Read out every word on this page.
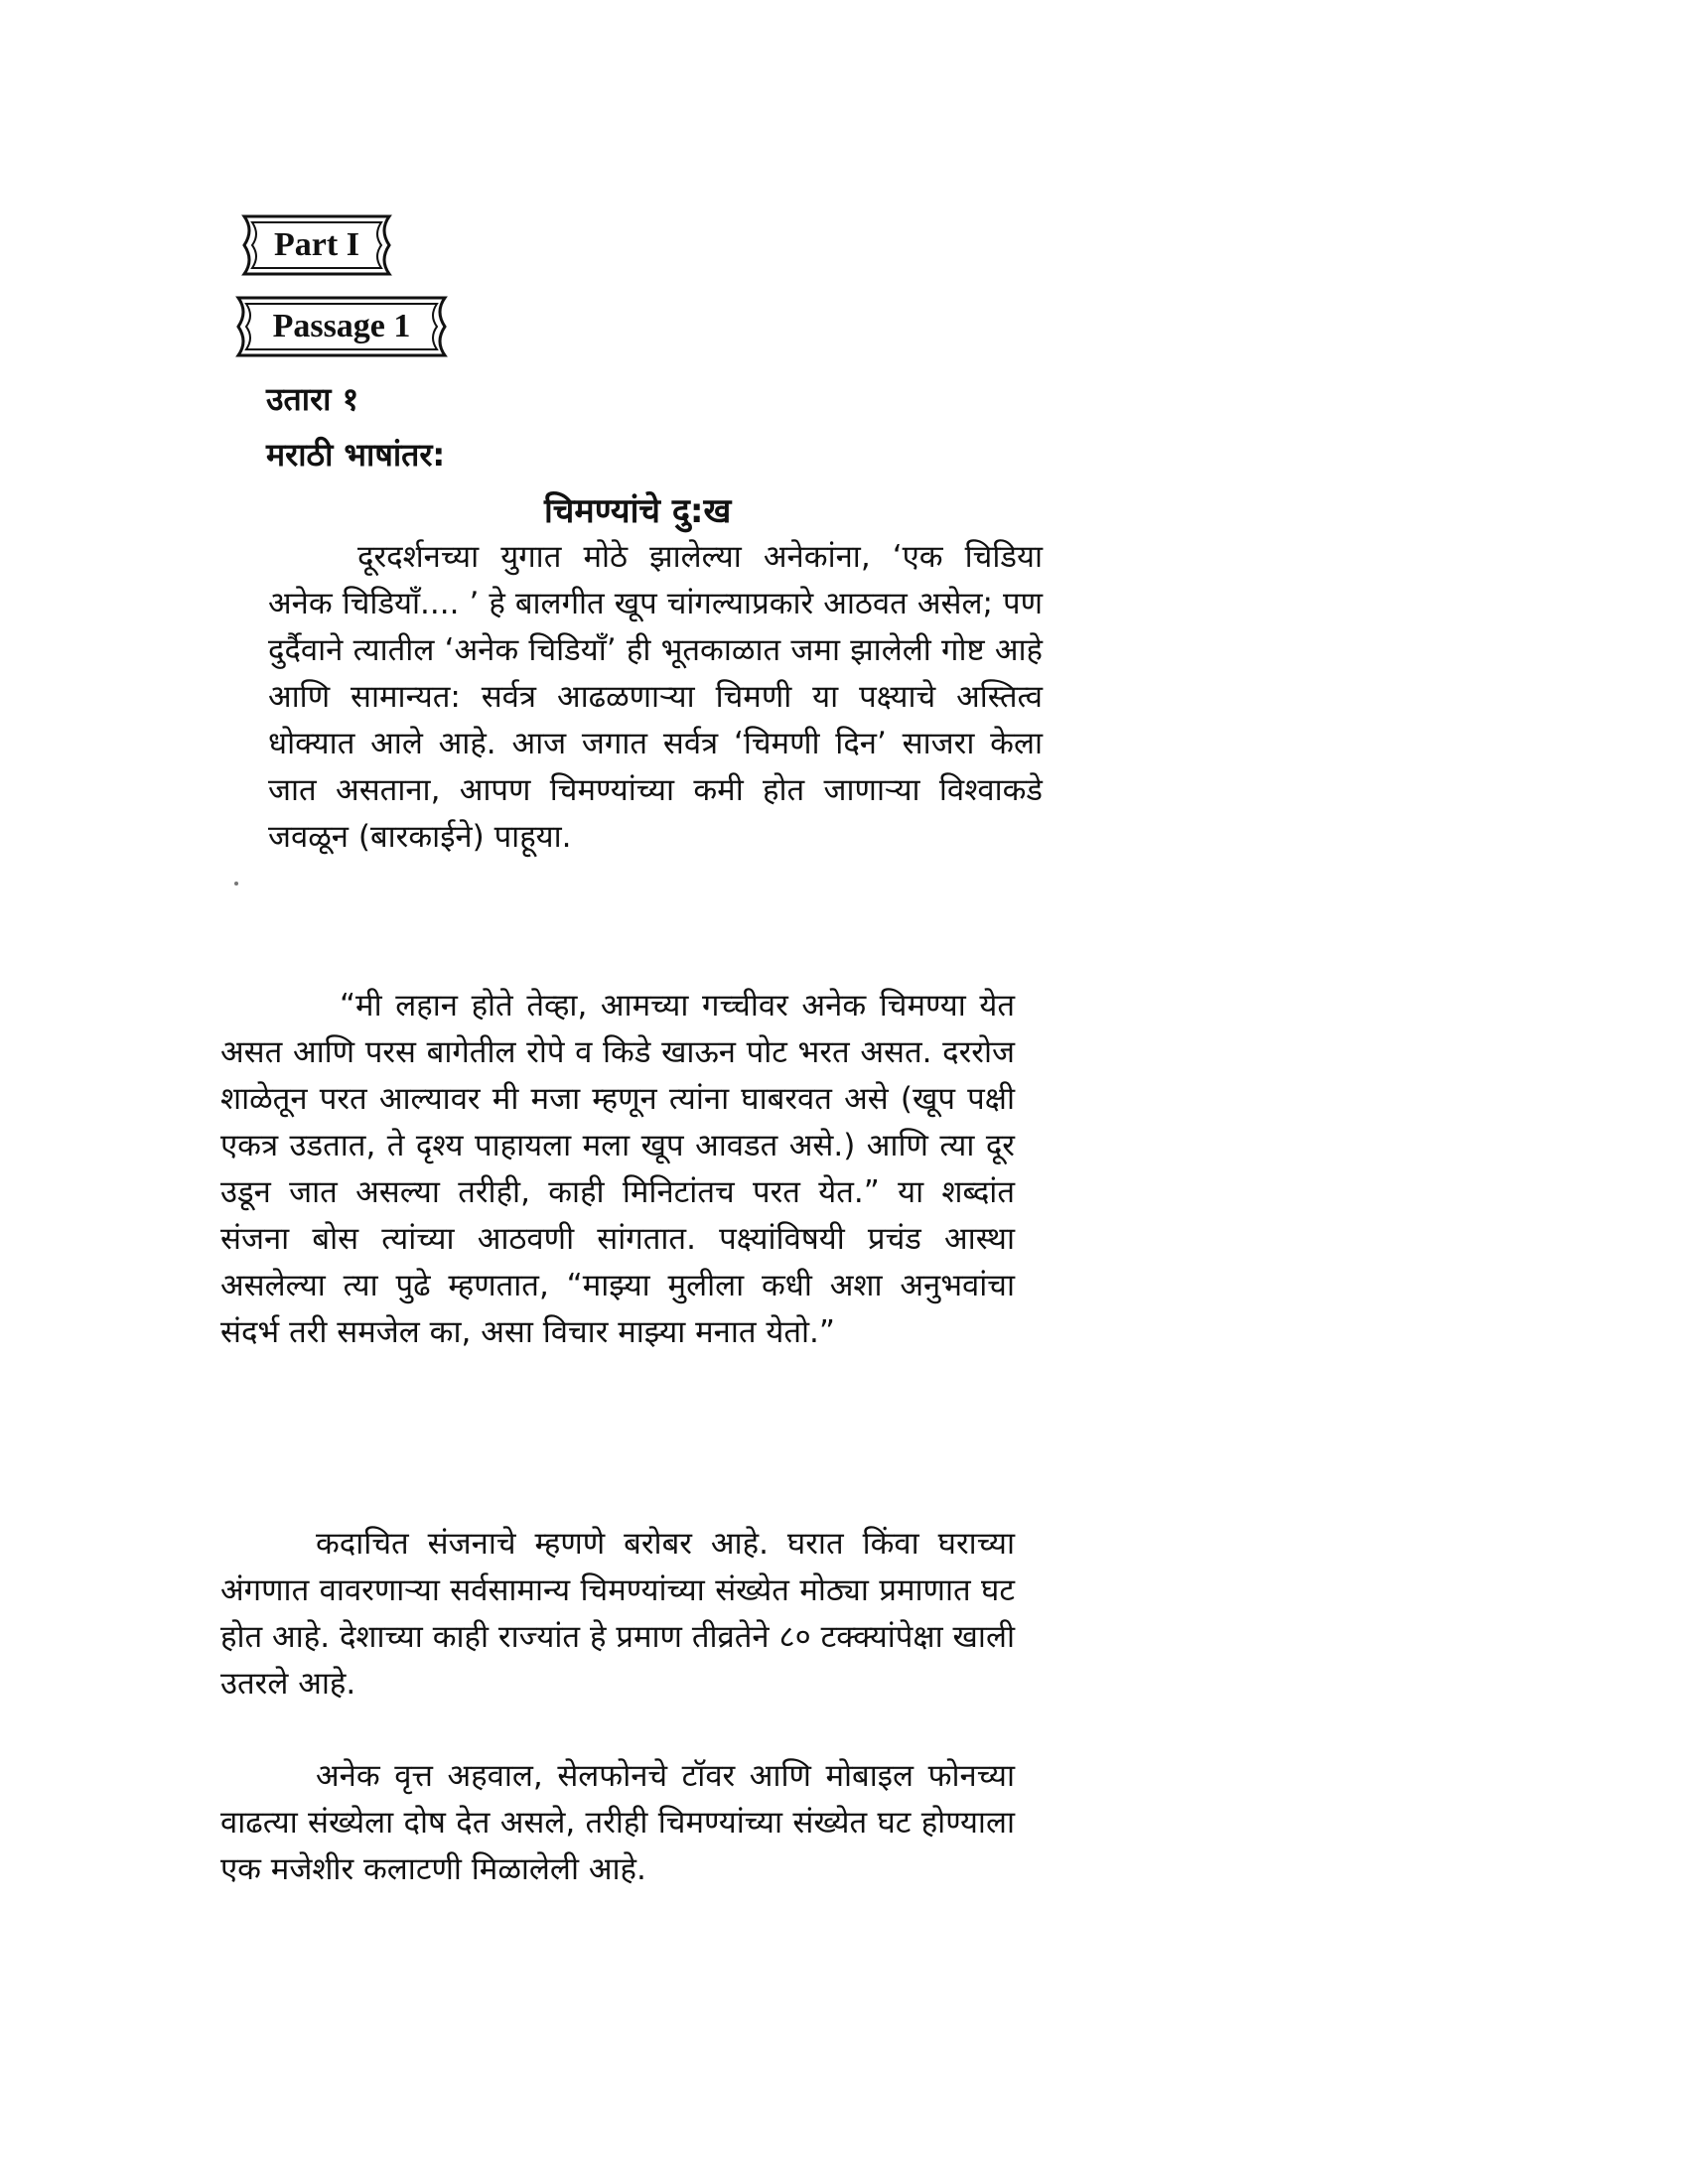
Part I
Passage 1
उतारा १
मराठी भाषांतर:
चिमण्यांचे दु:ख
दूरदर्शनच्या युगात मोठे झालेल्या अनेकांना, ‘एक चिडिया अनेक चिडियाँ.... ’ हे बालगीत खूप चांगल्याप्रकारे आठवत असेल; पण दुर्दैवाने त्यातील ‘अनेक चिडियाँ’ ही भूतकाळात जमा झालेली गोष्ट आहे आणि सामान्यत: सर्वत्र आढळणाऱ्या चिमणी या पक्ष्याचे अस्तित्व धोक्यात आले आहे. आज जगात सर्वत्र ‘चिमणी दिन’ साजरा केला जात असताना, आपण चिमण्यांच्या कमी होत जाणाऱ्या विश्वाकडे जवळून (बारकाईने) पाहूया.
“मी लहान होते तेव्हा, आमच्या गच्चीवर अनेक चिमण्या येत असत आणि परस बागेतील रोपे व किडे खाऊन पोट भरत असत. दररोज शाळेतून परत आल्यावर मी मजा म्हणून त्यांना घाबरवत असे (खूप पक्षी एकत्र उडतात, ते दृश्य पाहायला मला खूप आवडत असे.) आणि त्या दूर उडून जात असल्या तरीही, काही मिनिटांतच परत येत.” या शब्दांत संजना बोस त्यांच्या आठवणी सांगतात. पक्ष्यांविषयी प्रचंड आस्था असलेल्या त्या पुढे म्हणतात, “माझ्या मुलीला कधी अशा अनुभवांचा संदर्भ तरी समजेल का, असा विचार माझ्या मनात येतो.”
कदाचित संजनाचे म्हणणे बरोबर आहे. घरात किंवा घराच्या अंगणात वावरणाऱ्या सर्वसामान्य चिमण्यांच्या संख्येत मोठ्या प्रमाणात घट होत आहे. देशाच्या काही राज्यांत हे प्रमाण तीव्रतेने ८० टक्क्यांपेक्षा खाली उतरले आहे.
अनेक वृत्त अहवाल, सेलफोनचे टॉवर आणि मोबाइल फोनच्या वाढत्या संख्येला दोष देत असले, तरीही चिमण्यांच्या संख्येत घट होण्याला एक मजेशीर कलाटणी मिळालेली आहे.
